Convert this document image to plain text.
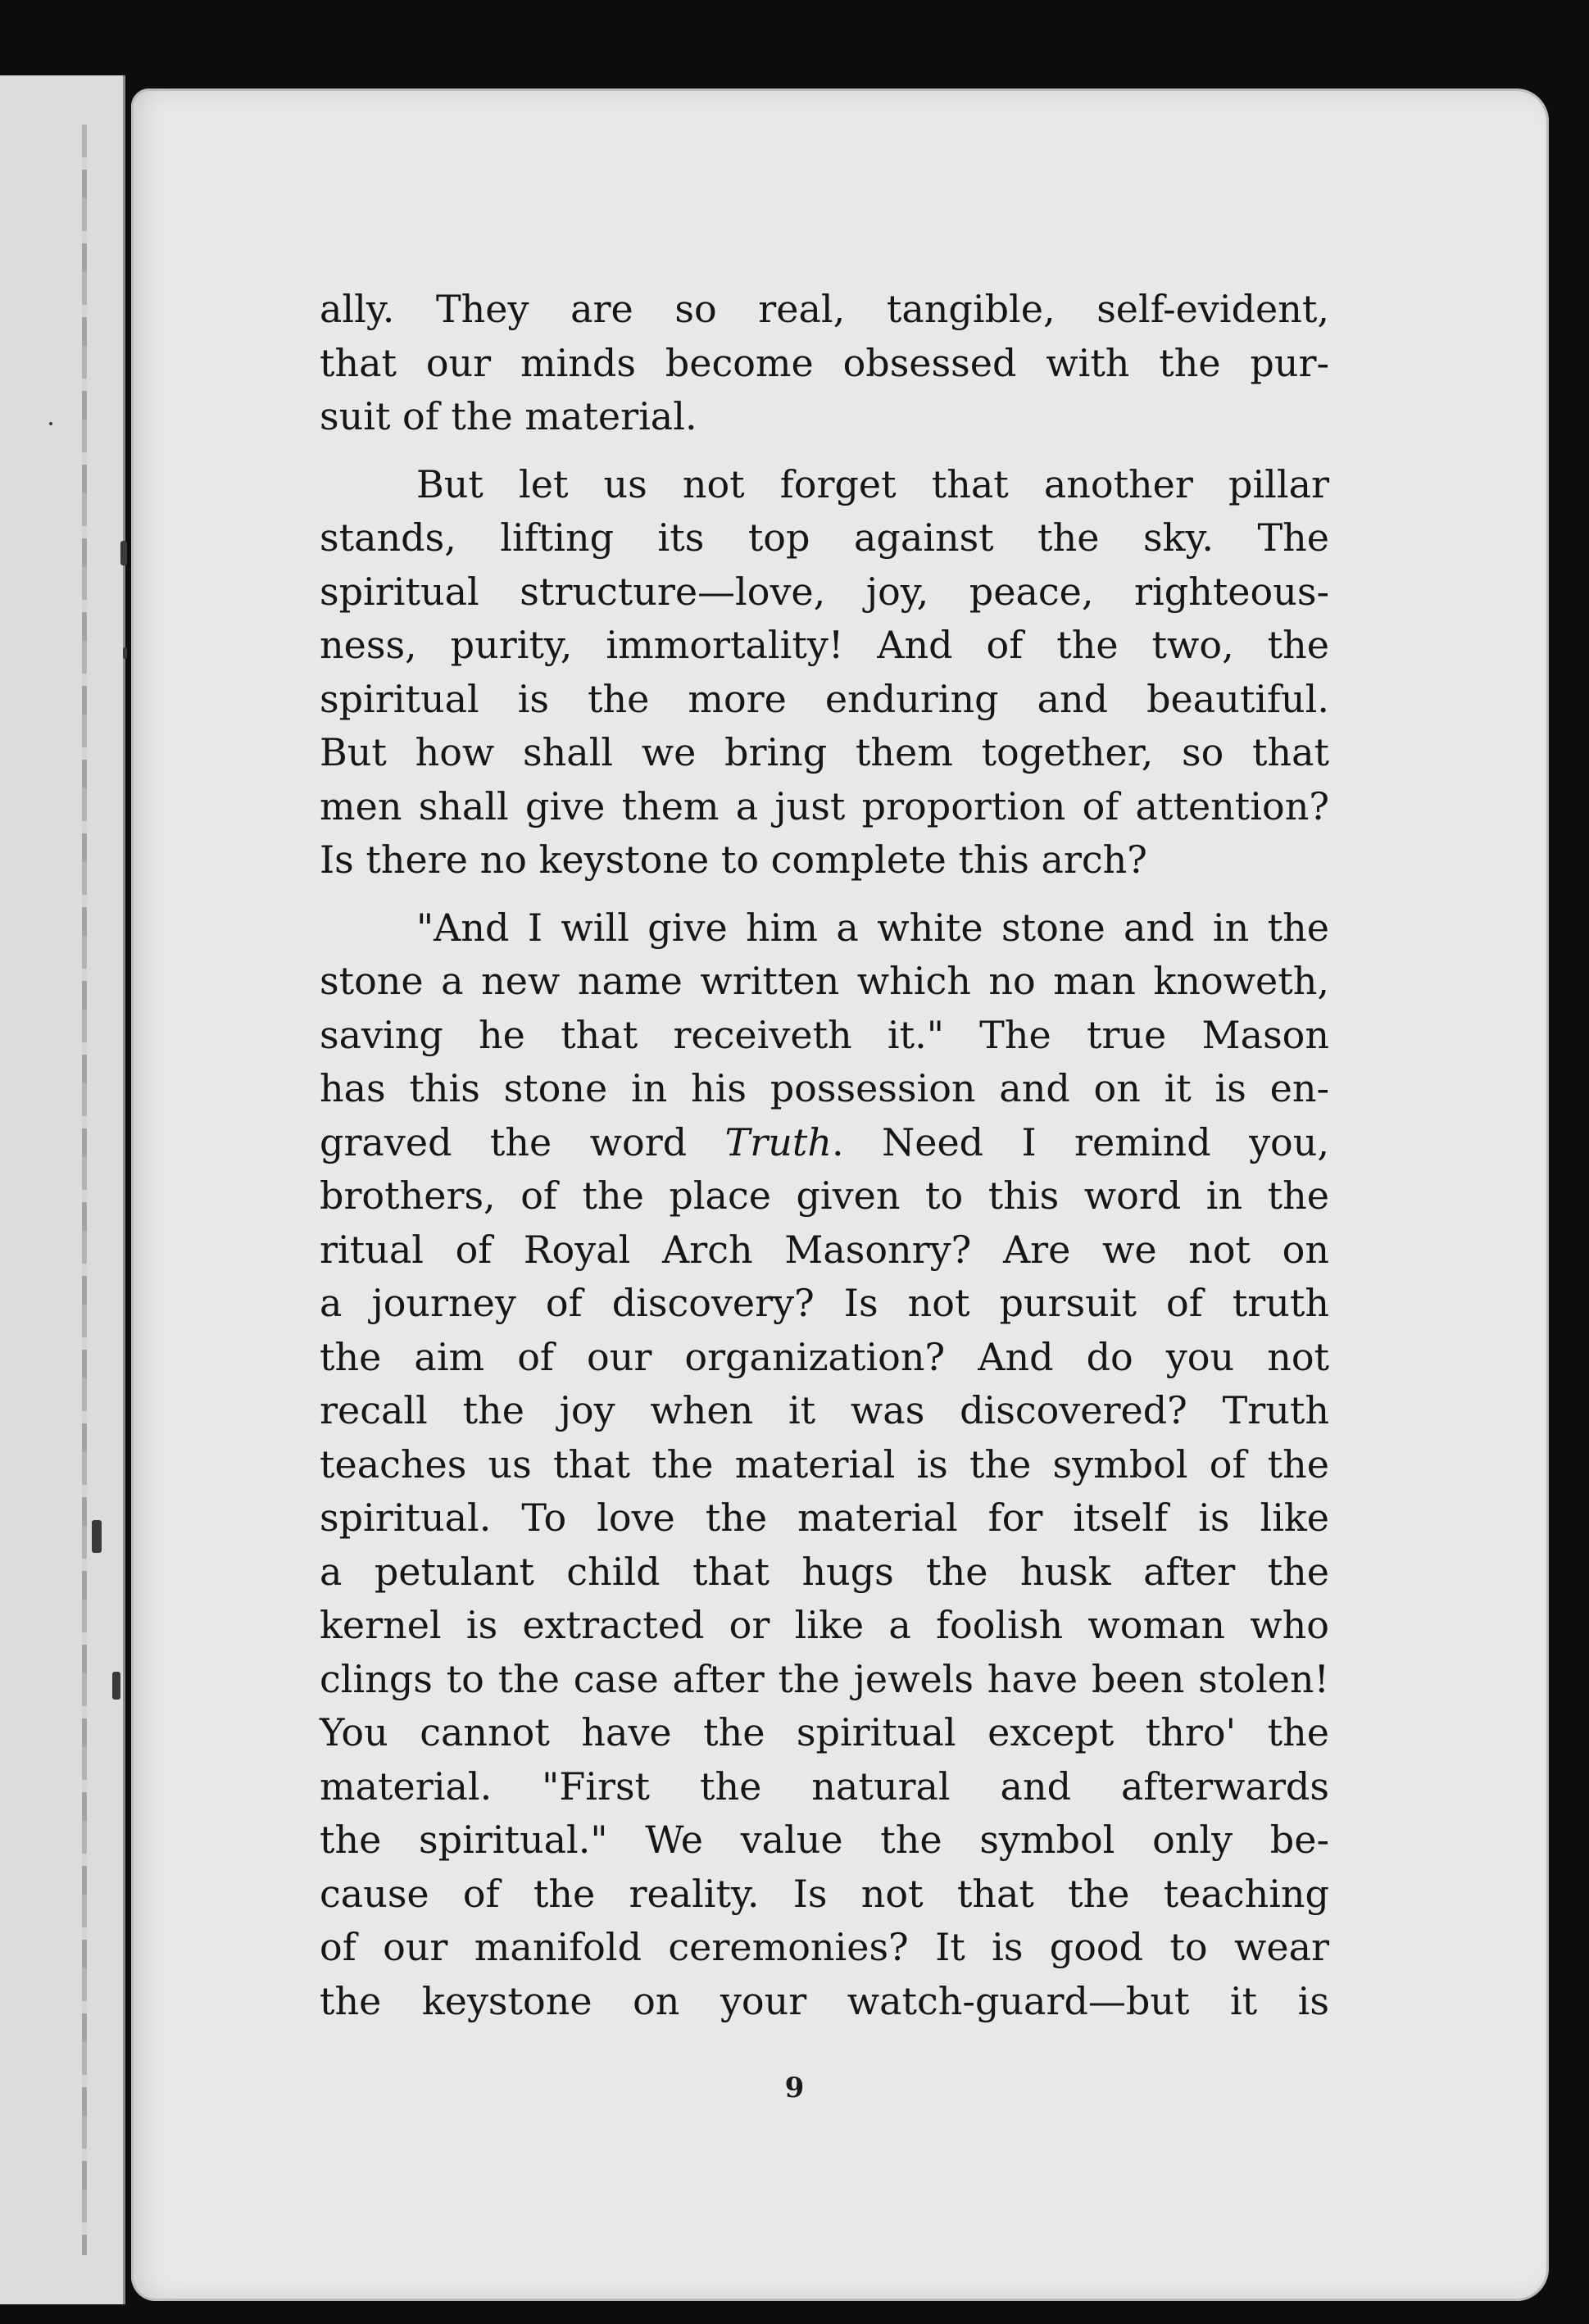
ally. They are so real, tangible, self-evident,
that our minds become obsessed with the pur-
suit of the material.
But let us not forget that another pillar
stands, lifting its top against the sky. The
spiritual structure—love, joy, peace, righteous-
ness, purity, immortality! And of the two, the
spiritual is the more enduring and beautiful.
But how shall we bring them together, so that
men shall give them a just proportion of attention?
Is there no keystone to complete this arch?
"And I will give him a white stone and in the
stone a new name written which no man knoweth,
saving he that receiveth it." The true Mason
has this stone in his possession and on it is en-
graved the word Truth. Need I remind you,
brothers, of the place given to this word in the
ritual of Royal Arch Masonry? Are we not on
a journey of discovery? Is not pursuit of truth
the aim of our organization? And do you not
recall the joy when it was discovered? Truth
teaches us that the material is the symbol of the
spiritual. To love the material for itself is like
a petulant child that hugs the husk after the
kernel is extracted or like a foolish woman who
clings to the case after the jewels have been stolen!
You cannot have the spiritual except thro' the
material. "First the natural and afterwards
the spiritual." We value the symbol only be-
cause of the reality. Is not that the teaching
of our manifold ceremonies? It is good to wear
the keystone on your watch-guard—but it is
9
